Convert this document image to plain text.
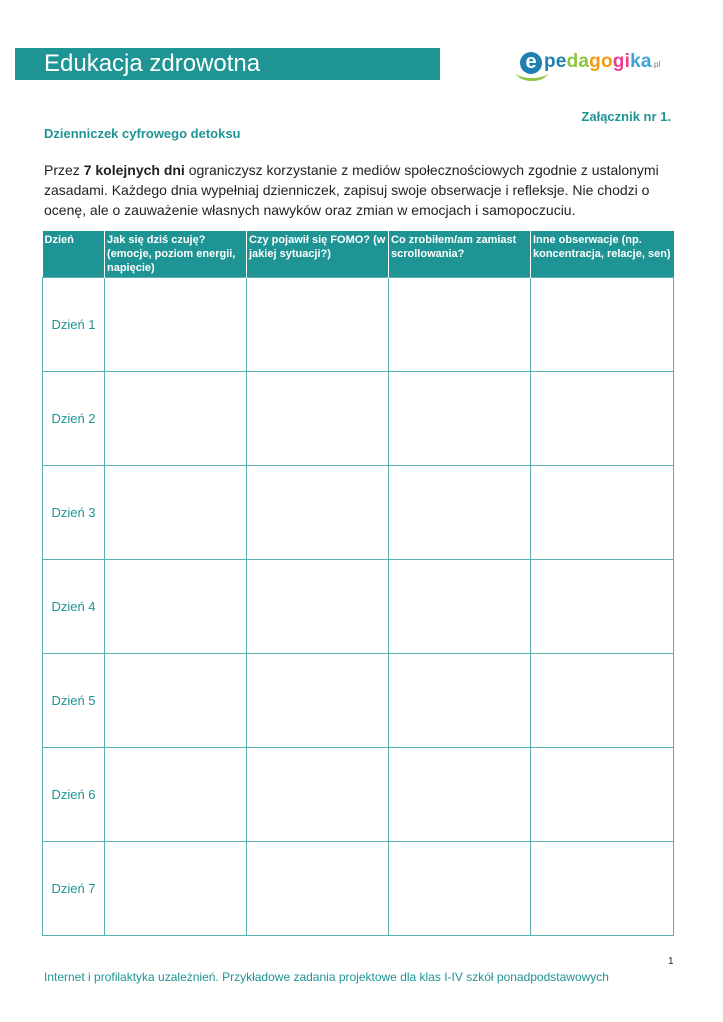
Edukacja zdrowotna	e pedagogika.pl
Załącznik nr 1.
Dzienniczek cyfrowego detoksu
Przez 7 kolejnych dni ograniczysz korzystanie z mediów społecznościowych zgodnie z ustalonymi zasadami. Każdego dnia wypełniaj dzienniczek, zapisuj swoje obserwacje i refleksje. Nie chodzi o ocenę, ale o zauważenie własnych nawyków oraz zmian w emocjach i samopoczuciu.
Dzień	Jak się dziś czuję? (emocje, poziom energii, napięcie)	Czy pojawił się FOMO? (w jakiej sytuacji?)	Co zrobiłem/am zamiast scrollowania?	Inne obserwacje (np. koncentracja, relacje, sen)
Dzień 1				
Dzień 2				
Dzień 3				
Dzień 4				
Dzień 5				
Dzień 6				
Dzień 7				
1
Internet i profilaktyka uzależnień. Przykładowe zadania projektowe dla klas I-IV szkół ponadpodstawowych
